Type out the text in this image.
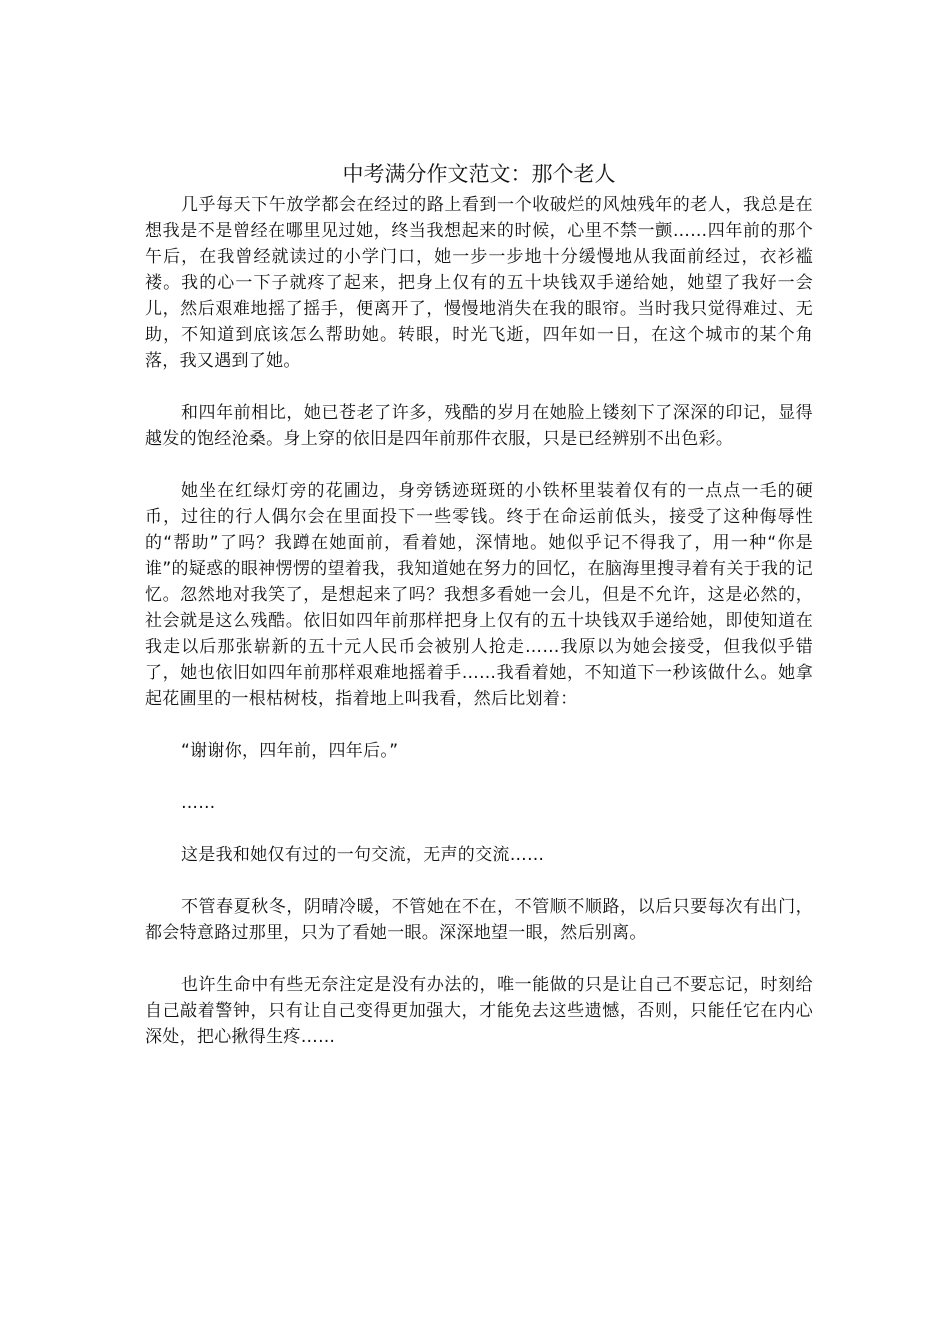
中考满分作文范文：那个老人

几乎每天下午放学都会在经过的路上看到一个收破烂的风烛残年的老人，我总是在想我是不是曾经在哪里见过她，终当我想起来的时候，心里不禁一颤……四年前的那个午后，在我曾经就读过的小学门口，她一步一步地十分缓慢地从我面前经过，衣衫褴褛。我的心一下子就疼了起来，把身上仅有的五十块钱双手递给她，她望了我好一会儿，然后艰难地摇了摇手，便离开了，慢慢地消失在我的眼帘。当时我只觉得难过、无助，不知道到底该怎么帮助她。转眼，时光飞逝，四年如一日，在这个城市的某个角落，我又遇到了她。

和四年前相比，她已苍老了许多，残酷的岁月在她脸上镂刻下了深深的印记，显得越发的饱经沧桑。身上穿的依旧是四年前那件衣服，只是已经辨别不出色彩。

她坐在红绿灯旁的花圃边，身旁锈迹斑斑的小铁杯里装着仅有的一点点一毛的硬币，过往的行人偶尔会在里面投下一些零钱。终于在命运前低头，接受了这种侮辱性的“帮助”了吗？我蹲在她面前，看着她，深情地。她似乎记不得我了，用一种“你是谁”的疑惑的眼神愣愣的望着我，我知道她在努力的回忆，在脑海里搜寻着有关于我的记忆。忽然地对我笑了，是想起来了吗？我想多看她一会儿，但是不允许，这是必然的，社会就是这么残酷。依旧如四年前那样把身上仅有的五十块钱双手递给她，即使知道在我走以后那张崭新的五十元人民币会被别人抢走……我原以为她会接受，但我似乎错了，她也依旧如四年前那样艰难地摇着手……我看着她，不知道下一秒该做什么。她拿起花圃里的一根枯树枝，指着地上叫我看，然后比划着：

“谢谢你，四年前，四年后。”

……

这是我和她仅有过的一句交流，无声的交流……

不管春夏秋冬，阴晴冷暖，不管她在不在，不管顺不顺路，以后只要每次有出门，都会特意路过那里，只为了看她一眼。深深地望一眼，然后别离。

也许生命中有些无奈注定是没有办法的，唯一能做的只是让自己不要忘记，时刻给自己敲着警钟，只有让自己变得更加强大，才能免去这些遗憾，否则，只能任它在内心深处，把心揪得生疼……
